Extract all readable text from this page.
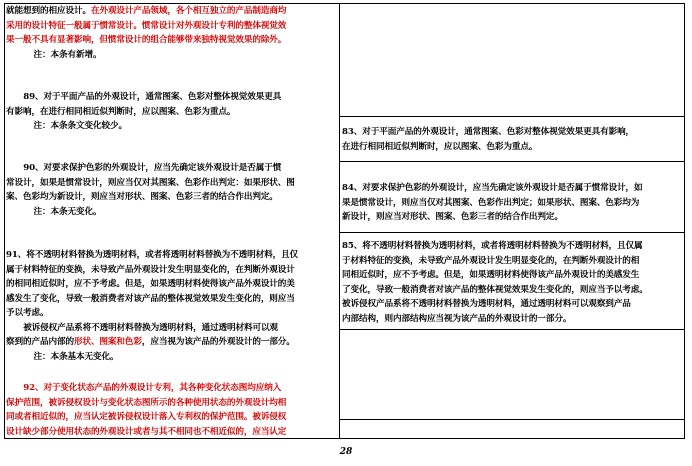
就能想到的相应设计。在外观设计产品领域，各个相互独立的产品制造商均

采用的设计特征一般属于惯常设计。惯常设计对外观设计专利的整体视觉效

果一般不具有显著影响，但惯常设计的组合能够带来独特视觉效果的除外。

注：本条有新增。

89、对于平面产品的外观设计，通常图案、色彩对整体视觉效果更具

有影响，在进行相同相近似判断时，应以图案、色彩为重点。

注：本条条文变化较少。

90、对要求保护色彩的外观设计，应当先确定该外观设计是否属于惯

常设计，如果是惯常设计，则应当仅对其图案、色彩作出判定：如果形状、图

案、色彩均为新设计，则应当对形状、图案、色彩三者的结合作出判定。

注：本条无变化。

91、将不透明材料替换为透明材料，或者将透明材料替换为不透明材料，且仅

属于材料特征的变换，未导致产品外观设计发生明显变化的，在判断外观设计

的相同相近似时，应不予考虑。但是，如果透明材料使得该产品外观设计的美

感发生了变化，导致一般消费者对该产品的整体视觉效果发生变化的，则应当

予以考虑。

被诉侵权产品系将不透明材料替换为透明材料，通过透明材料可以观

察到的产品内部的形状、图案和色彩，应当视为该产品的外观设计的一部分。

注：本条基本无变化。

92、对于变化状态产品的外观设计专利，其各种变化状态图均应纳入

保护范围，被诉侵权设计与变化状态图所示的各种使用状态的外观设计均相

同或者相近似的，应当认定被诉侵权设计落入专利权的保护范围。被诉侵权

设计缺少部分使用状态的外观设计或者与其不相同也不相近似的，应当认定

83、对于平面产品的外观设计，通常图案、色彩对整体视觉效果更具有影响，

在进行相同相近似判断时，应以图案、色彩为重点。

84、对要求保护色彩的外观设计，应当先确定该外观设计是否属于惯常设计，如

果是惯常设计，则应当仅对其图案、色彩作出判定；如果形状、图案、色彩均为

新设计，则应当对形状、图案、色彩三者的结合作出判定。

85、将不透明材料替换为透明材料，或者将透明材料替换为不透明材料，且仅属

于材料特征的变换，未导致产品外观设计发生明显变化的，在判断外观设计的相

同相近似时，应不予考虑。但是，如果透明材料使得该产品外观设计的美感发生

了变化，导致一般消费者对该产品的整体视觉效果发生变化的，则应当予以考虑。

被诉侵权产品系将不透明材料替换为透明材料，通过透明材料可以观察到产品

内部结构，则内部结构应当视为该产品的外观设计的一部分。

28
